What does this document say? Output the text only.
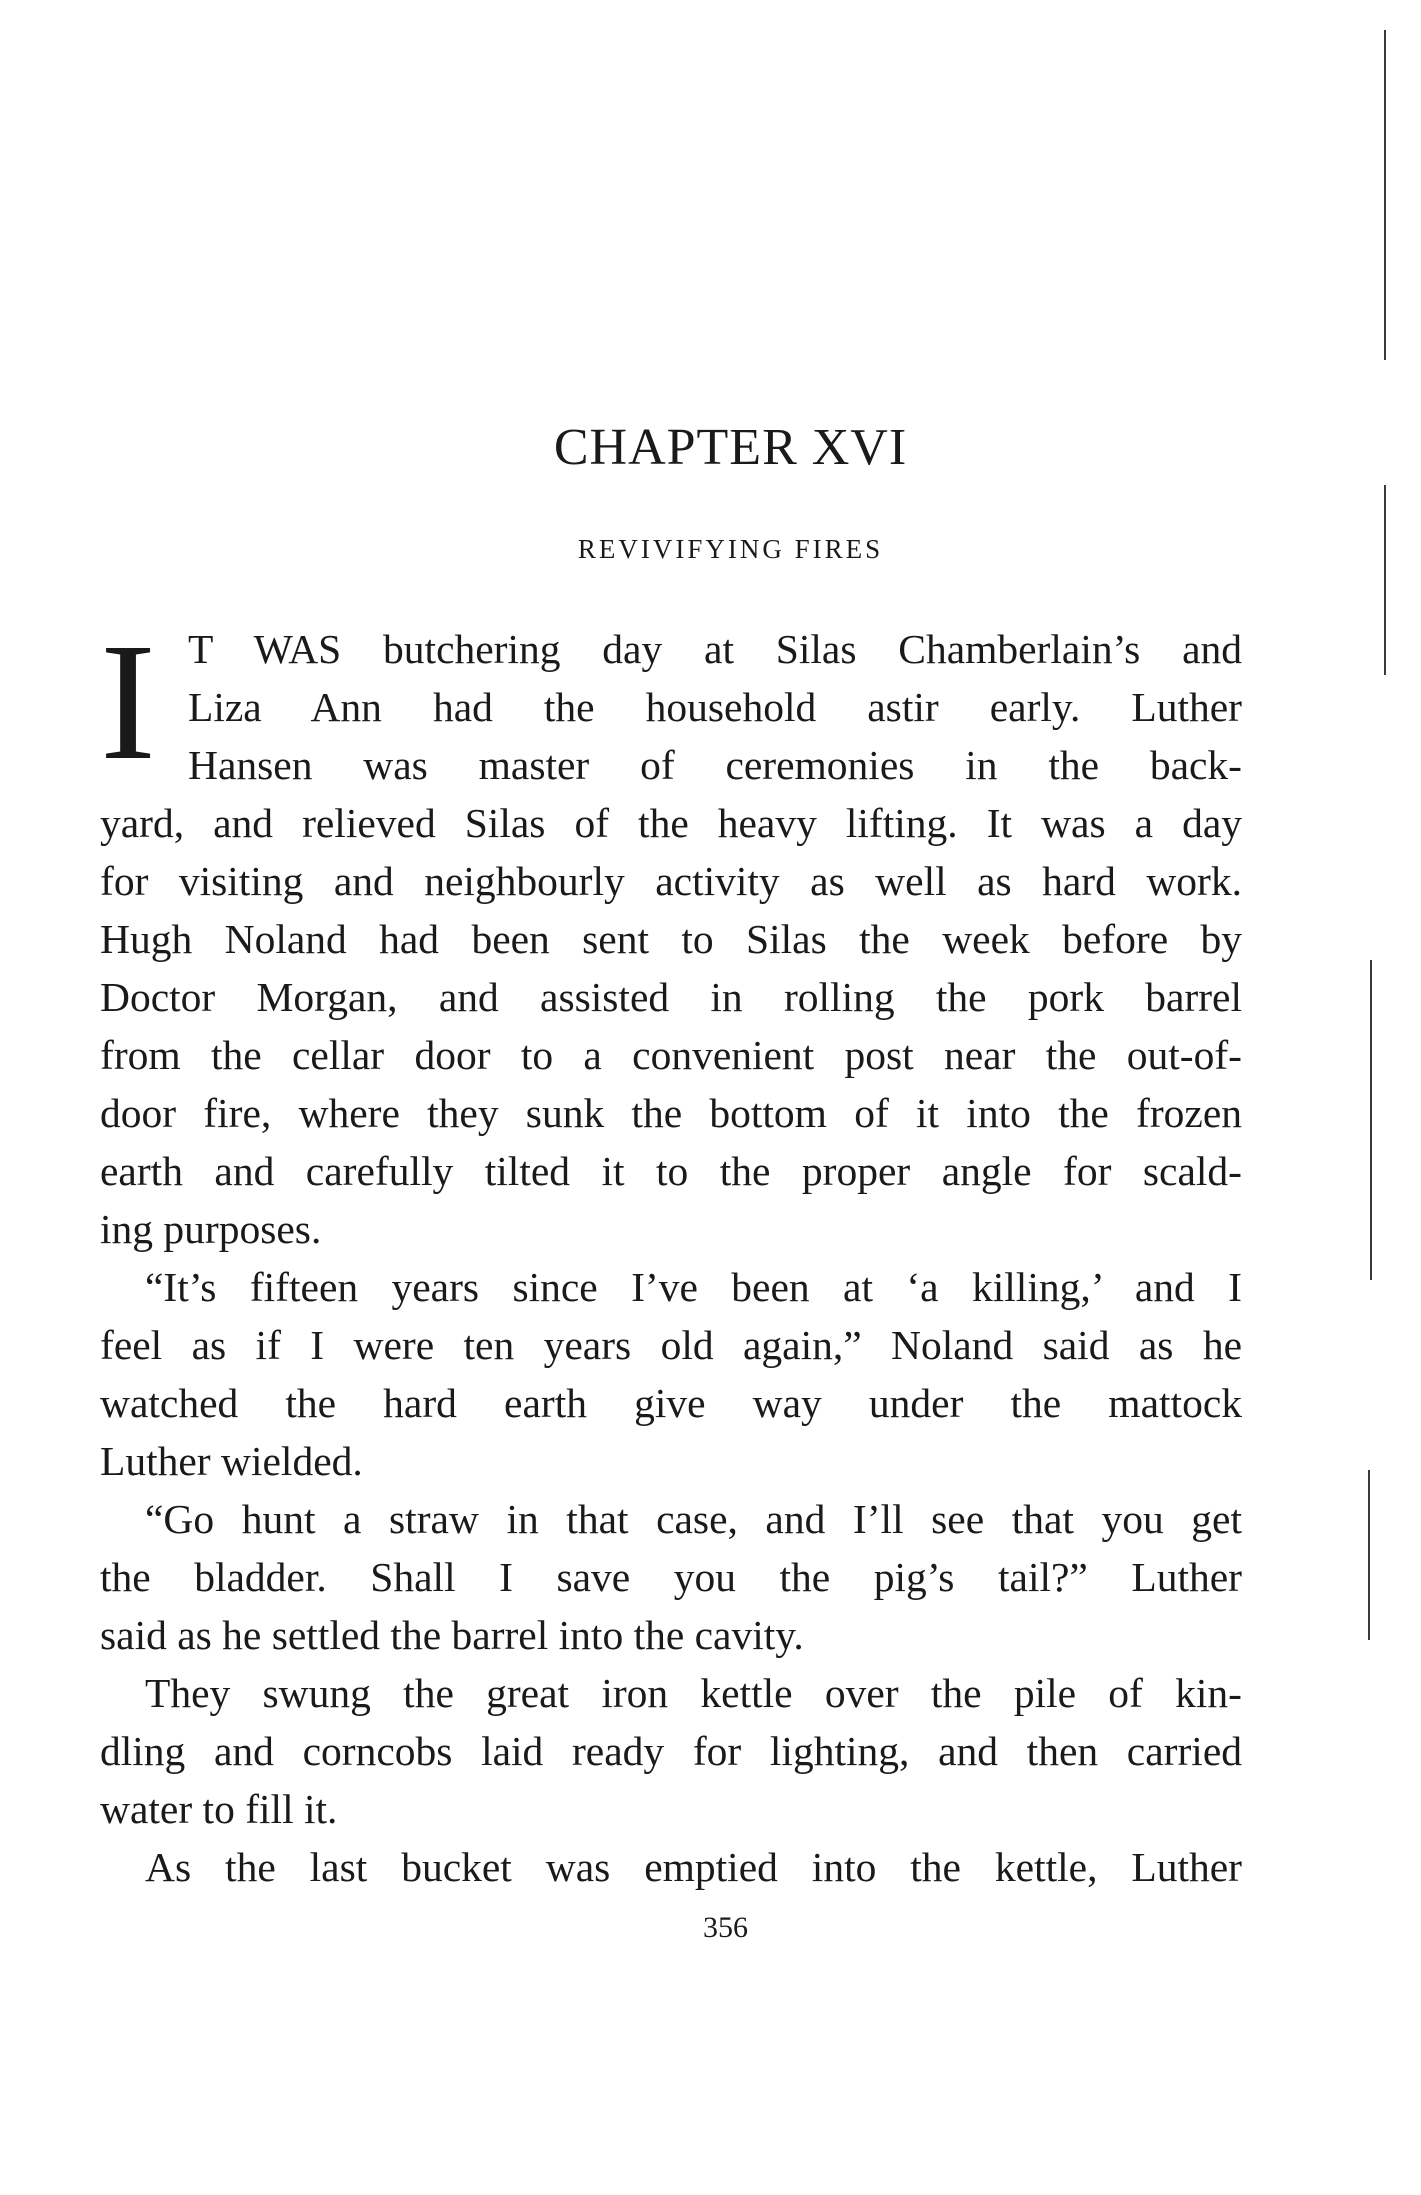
CHAPTER XVI
REVIVIFYING FIRES
I T WAS butchering day at Silas Chamberlain’s and
Liza Ann had the household astir early. Luther
Hansen was master of ceremonies in the back-
yard, and relieved Silas of the heavy lifting. It was a day
for visiting and neighbourly activity as well as hard work.
Hugh Noland had been sent to Silas the week before by
Doctor Morgan, and assisted in rolling the pork barrel
from the cellar door to a convenient post near the out-of-
door fire, where they sunk the bottom of it into the frozen
earth and carefully tilted it to the proper angle for scald-
ing purposes.
“It’s fifteen years since I’ve been at ‘a killing,’ and I
feel as if I were ten years old again,” Noland said as he
watched the hard earth give way under the mattock
Luther wielded.
“Go hunt a straw in that case, and I’ll see that you get
the bladder. Shall I save you the pig’s tail?” Luther
said as he settled the barrel into the cavity.
They swung the great iron kettle over the pile of kin-
dling and corncobs laid ready for lighting, and then carried
water to fill it.
As the last bucket was emptied into the kettle, Luther
356
